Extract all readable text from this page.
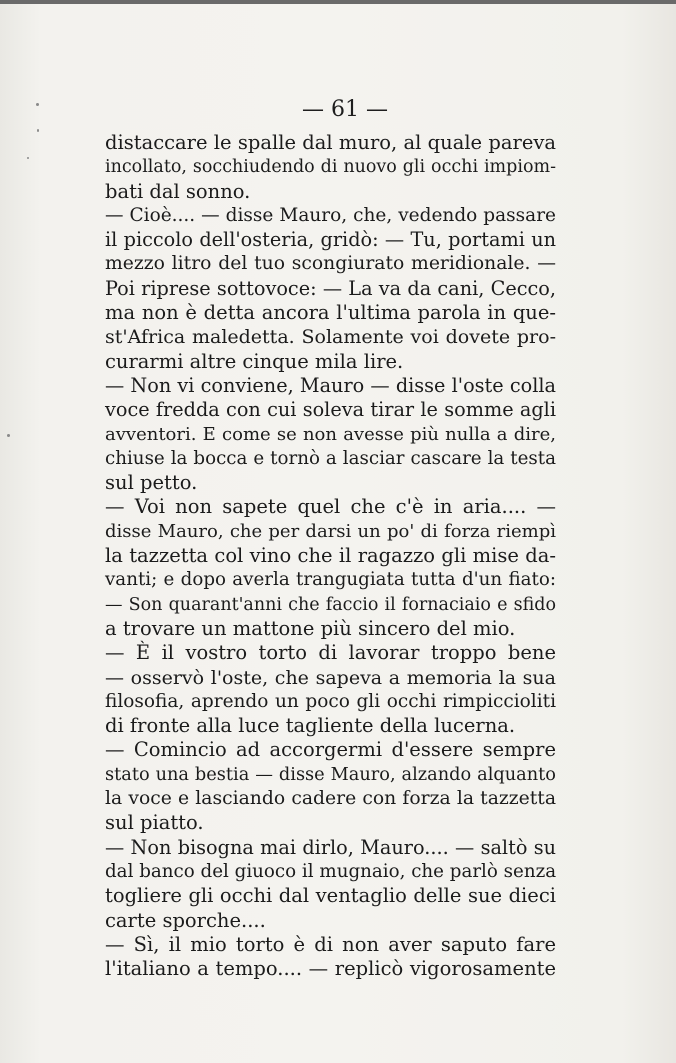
— 61 —

distaccare le spalle dal muro, al quale pareva
incollato, socchiudendo di nuovo gli occhi impiom-
bati dal sonno.
— Cioè.... — disse Mauro, che, vedendo passare
il piccolo dell'osteria, gridò: — Tu, portami un
mezzo litro del tuo scongiurato meridionale. —
Poi riprese sottovoce: — La va da cani, Cecco,
ma non è detta ancora l'ultima parola in que-
st'Africa maledetta. Solamente voi dovete pro-
curarmi altre cinque mila lire.
— Non vi conviene, Mauro — disse l'oste colla
voce fredda con cui soleva tirar le somme agli
avventori. E come se non avesse più nulla a dire,
chiuse la bocca e tornò a lasciar cascare la testa
sul petto.
— Voi non sapete quel che c'è in aria.... —
disse Mauro, che per darsi un po' di forza riempì
la tazzetta col vino che il ragazzo gli mise da-
vanti; e dopo averla trangugiata tutta d'un fiato:
— Son quarant'anni che faccio il fornaciaio e sfido
a trovare un mattone più sincero del mio.
— È il vostro torto di lavorar troppo bene
— osservò l'oste, che sapeva a memoria la sua
filosofia, aprendo un poco gli occhi rimpiccioliti
di fronte alla luce tagliente della lucerna.
— Comincio ad accorgermi d'essere sempre
stato una bestia — disse Mauro, alzando alquanto
la voce e lasciando cadere con forza la tazzetta
sul piatto.
— Non bisogna mai dirlo, Mauro.... — saltò su
dal banco del giuoco il mugnaio, che parlò senza
togliere gli occhi dal ventaglio delle sue dieci
carte sporche....
— Sì, il mio torto è di non aver saputo fare
l'italiano a tempo.... — replicò vigorosamente
